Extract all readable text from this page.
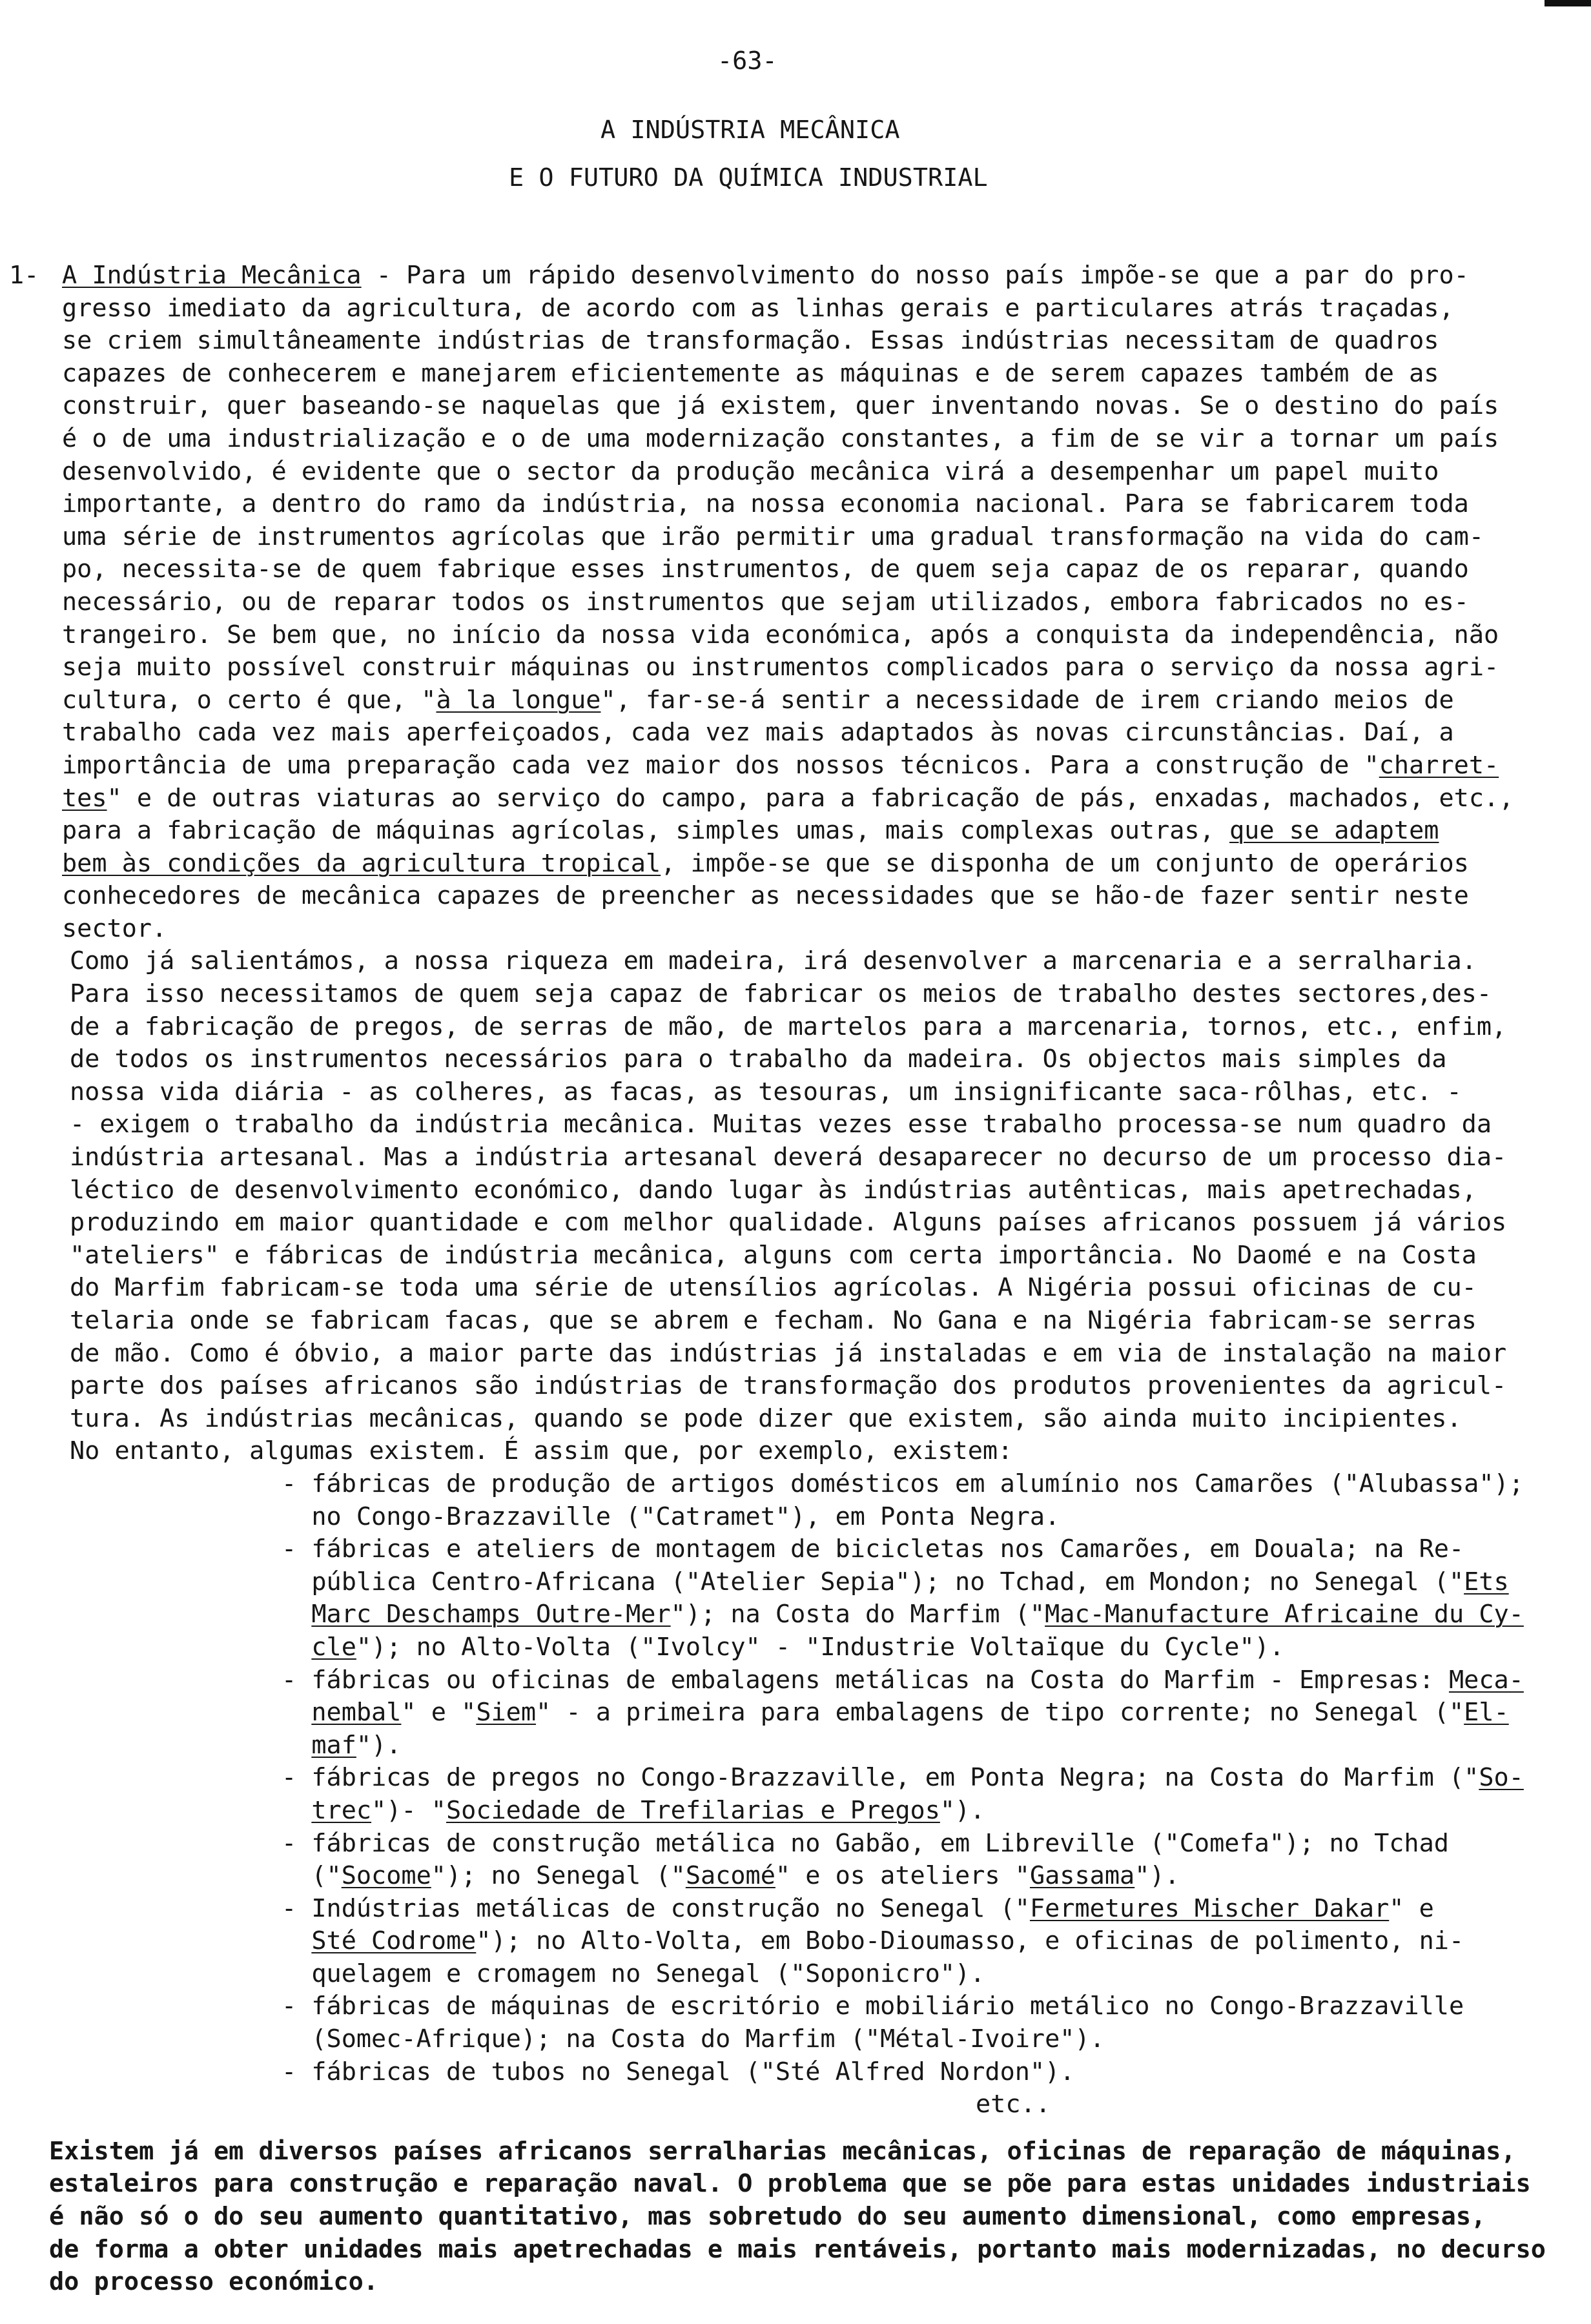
-63-
A INDÚSTRIA MECÂNICA
E O FUTURO DA QUÍMICA INDUSTRIAL
1- A Indústria Mecânica - Para um rápido desenvolvimento do nosso país impõe-se que a par do pro-
gresso imediato da agricultura, de acordo com as linhas gerais e particulares atrás traçadas,
se criem simultâneamente indústrias de transformação. Essas indústrias necessitam de quadros
capazes de conhecerem e manejarem eficientemente as máquinas e de serem capazes também de as
construir, quer baseando-se naquelas que já existem, quer inventando novas. Se o destino do país
é o de uma industrialização e o de uma modernização constantes, a fim de se vir a tornar um país
desenvolvido, é evidente que o sector da produção mecânica virá a desempenhar um papel muito
importante, a dentro do ramo da indústria, na nossa economia nacional. Para se fabricarem toda
uma série de instrumentos agrícolas que irão permitir uma gradual transformação na vida do cam-
po, necessita-se de quem fabrique esses instrumentos, de quem seja capaz de os reparar, quando
necessário, ou de reparar todos os instrumentos que sejam utilizados, embora fabricados no es-
trangeiro. Se bem que, no início da nossa vida económica, após a conquista da independência, não
seja muito possível construir máquinas ou instrumentos complicados para o serviço da nossa agri-
cultura, o certo é que, "à la longue", far-se-á sentir a necessidade de irem criando meios de
trabalho cada vez mais aperfeiçoados, cada vez mais adaptados às novas circunstâncias. Daí, a
importância de uma preparação cada vez maior dos nossos técnicos. Para a construção de "charret-
tes" e de outras viaturas ao serviço do campo, para a fabricação de pás, enxadas, machados, etc.,
para a fabricação de máquinas agrícolas, simples umas, mais complexas outras, que se adaptem
bem às condições da agricultura tropical, impõe-se que se disponha de um conjunto de operários
conhecedores de mecânica capazes de preencher as necessidades que se hão-de fazer sentir neste
sector.
Como já salientámos, a nossa riqueza em madeira, irá desenvolver a marcenaria e a serralharia.
Para isso necessitamos de quem seja capaz de fabricar os meios de trabalho destes sectores,des-
de a fabricação de pregos, de serras de mão, de martelos para a marcenaria, tornos, etc., enfim,
de todos os instrumentos necessários para o trabalho da madeira. Os objectos mais simples da
nossa vida diária - as colheres, as facas, as tesouras, um insignificante saca-rôlhas, etc. -
- exigem o trabalho da indústria mecânica. Muitas vezes esse trabalho processa-se num quadro da
indústria artesanal. Mas a indústria artesanal deverá desaparecer no decurso de um processo dia-
léctico de desenvolvimento económico, dando lugar às indústrias autênticas, mais apetrechadas,
produzindo em maior quantidade e com melhor qualidade. Alguns países africanos possuem já vários
"ateliers" e fábricas de indústria mecânica, alguns com certa importância. No Daomé e na Costa
do Marfim fabricam-se toda uma série de utensílios agrícolas. A Nigéria possui oficinas de cu-
telaria onde se fabricam facas, que se abrem e fecham. No Gana e na Nigéria fabricam-se serras
de mão. Como é óbvio, a maior parte das indústrias já instaladas e em via de instalação na maior
parte dos países africanos são indústrias de transformação dos produtos provenientes da agricul-
tura. As indústrias mecânicas, quando se pode dizer que existem, são ainda muito incipientes.
No entanto, algumas existem. É assim que, por exemplo, existem:
- fábricas de produção de artigos domésticos em alumínio nos Camarões ("Alubassa");
no Congo-Brazzaville ("Catramet"), em Ponta Negra.
- fábricas e ateliers de montagem de bicicletas nos Camarões, em Douala; na Re-
pública Centro-Africana ("Atelier Sepia"); no Tchad, em Mondon; no Senegal ("Ets
Marc Deschamps Outre-Mer"); na Costa do Marfim ("Mac-Manufacture Africaine du Cy-
cle"); no Alto-Volta ("Ivolcy" - "Industrie Voltaïque du Cycle").
- fábricas ou oficinas de embalagens metálicas na Costa do Marfim - Empresas: Meca-
nembal" e "Siem" - a primeira para embalagens de tipo corrente; no Senegal ("El-
maf").
- fábricas de pregos no Congo-Brazzaville, em Ponta Negra; na Costa do Marfim ("So-
trec")- "Sociedade de Trefilarias e Pregos").
- fábricas de construção metálica no Gabão, em Libreville ("Comefa"); no Tchad
("Socome"); no Senegal ("Sacomé" e os ateliers "Gassama").
- Indústrias metálicas de construção no Senegal ("Fermetures Mischer Dakar" e
Sté Codrome"); no Alto-Volta, em Bobo-Dioumasso, e oficinas de polimento, ni-
quelagem e cromagem no Senegal ("Soponicro").
- fábricas de máquinas de escritório e mobiliário metálico no Congo-Brazzaville
(Somec-Afrique); na Costa do Marfim ("Métal-Ivoire").
- fábricas de tubos no Senegal ("Sté Alfred Nordon").
etc..
Existem já em diversos países africanos serralharias mecânicas, oficinas de reparação de máquinas,
estaleiros para construção e reparação naval. O problema que se põe para estas unidades industriais
é não só o do seu aumento quantitativo, mas sobretudo do seu aumento dimensional, como empresas,
de forma a obter unidades mais apetrechadas e mais rentáveis, portanto mais modernizadas, no decurso
do processo económico.
